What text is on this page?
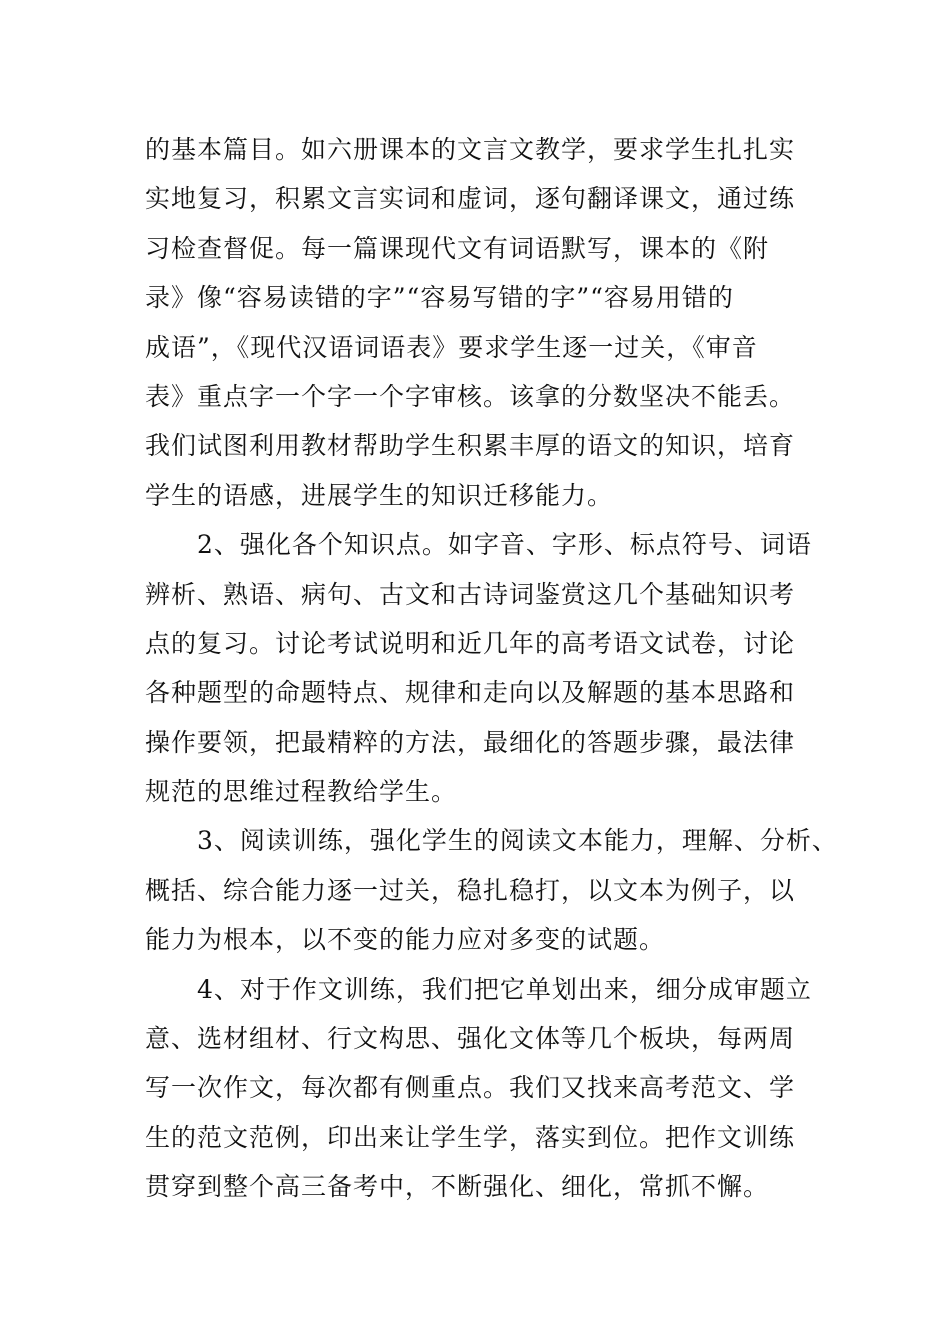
的基本篇目。如六册课本的文言文教学，要求学生扎扎实
实地复习，积累文言实词和虚词，逐句翻译课文，通过练
习检查督促。每一篇课现代文有词语默写，课本的《附
录》像“容易读错的字”“容易写错的字”“容易用错的
成语”，《现代汉语词语表》要求学生逐一过关，《审音
表》重点字一个字一个字审核。该拿的分数坚决不能丢。
我们试图利用教材帮助学生积累丰厚的语文的知识，培育
学生的语感，进展学生的知识迁移能力。
　　2、强化各个知识点。如字音、字形、标点符号、词语
辨析、熟语、病句、古文和古诗词鉴赏这几个基础知识考
点的复习。讨论考试说明和近几年的高考语文试卷，讨论
各种题型的命题特点、规律和走向以及解题的基本思路和
操作要领，把最精粹的方法，最细化的答题步骤，最法律
规范的思维过程教给学生。
　　3、阅读训练，强化学生的阅读文本能力，理解、分析、
概括、综合能力逐一过关，稳扎稳打，以文本为例子，以
能力为根本，以不变的能力应对多变的试题。
　　4、对于作文训练，我们把它单划出来，细分成审题立
意、选材组材、行文构思、强化文体等几个板块，每两周
写一次作文，每次都有侧重点。我们又找来高考范文、学
生的范文范例，印出来让学生学，落实到位。把作文训练
贯穿到整个高三备考中，不断强化、细化，常抓不懈。
